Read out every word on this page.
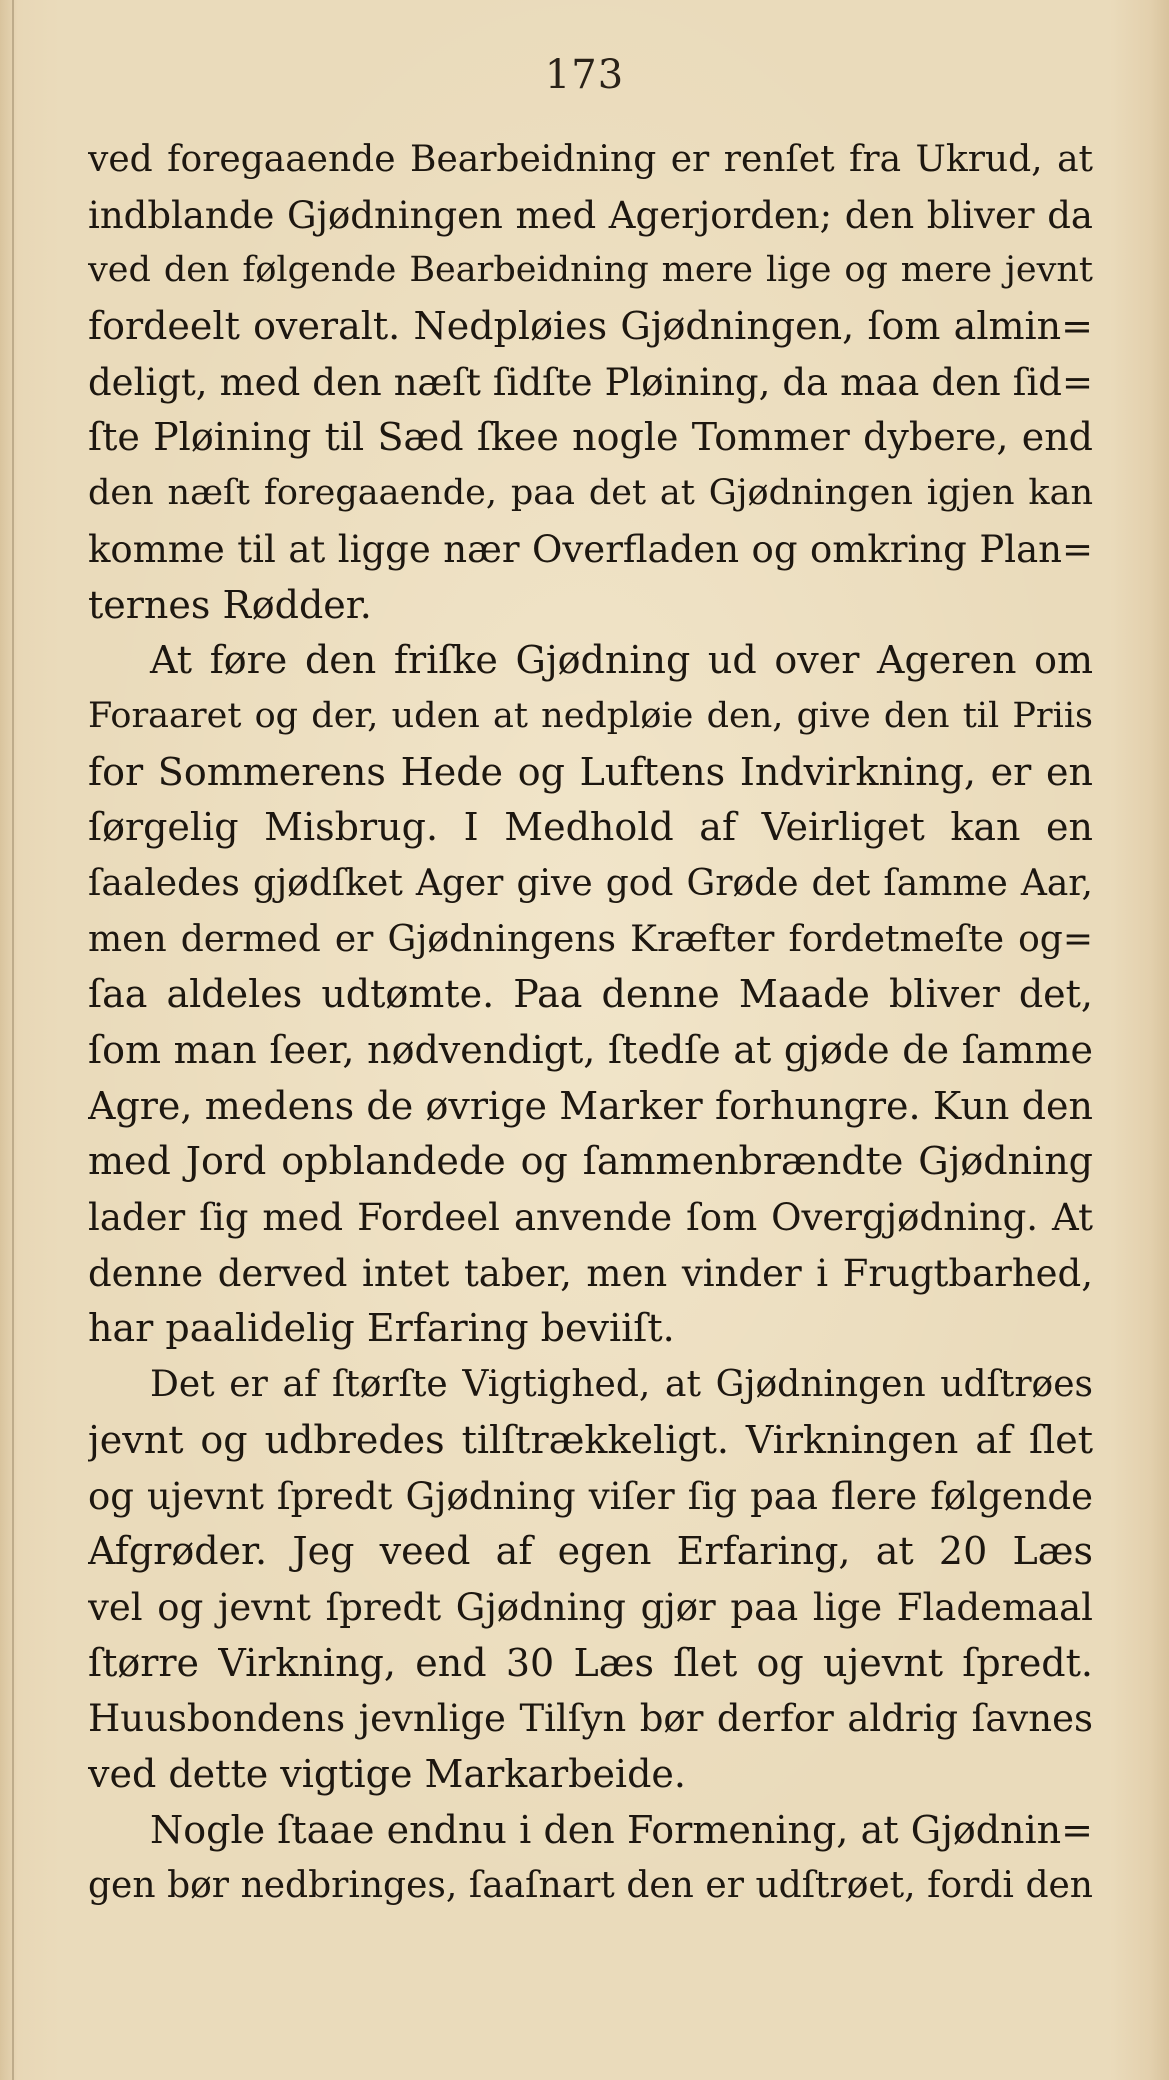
173
ved foregaaende Bearbeidning er renſet fra Ukrud, at
indblande Gjødningen med Agerjorden; den bliver da
ved den følgende Bearbeidning mere lige og mere jevnt
fordeelt overalt. Nedpløies Gjødningen, ſom almin=
deligt, med den næſt ſidſte Pløining, da maa den ſid=
ſte Pløining til Sæd ſkee nogle Tommer dybere, end
den næſt foregaaende, paa det at Gjødningen igjen kan
komme til at ligge nær Overfladen og omkring Plan=
ternes Rødder.
At føre den friſke Gjødning ud over Ageren om
Foraaret og der, uden at nedpløie den, give den til Priis
for Sommerens Hede og Luftens Indvirkning, er en
ſørgelig Misbrug. I Medhold af Veirliget kan en
ſaaledes gjødſket Ager give god Grøde det ſamme Aar,
men dermed er Gjødningens Kræfter fordetmeſte og=
ſaa aldeles udtømte. Paa denne Maade bliver det,
ſom man ſeer, nødvendigt, ſtedſe at gjøde de ſamme
Agre, medens de øvrige Marker forhungre. Kun den
med Jord opblandede og ſammenbrændte Gjødning
lader ſig med Fordeel anvende ſom Overgjødning. At
denne derved intet taber, men vinder i Frugtbarhed,
har paalidelig Erfaring beviiſt.
Det er af ſtørſte Vigtighed, at Gjødningen udſtrøes
jevnt og udbredes tilſtrækkeligt. Virkningen af ſlet
og ujevnt ſpredt Gjødning viſer ſig paa flere følgende
Afgrøder. Jeg veed af egen Erfaring, at 20 Læs
vel og jevnt ſpredt Gjødning gjør paa lige Flademaal
ſtørre Virkning, end 30 Læs ſlet og ujevnt ſpredt.
Huusbondens jevnlige Tilſyn bør derfor aldrig ſavnes
ved dette vigtige Markarbeide.
Nogle ſtaae endnu i den Formening, at Gjødnin=
gen bør nedbringes, ſaaſnart den er udſtrøet, fordi den
